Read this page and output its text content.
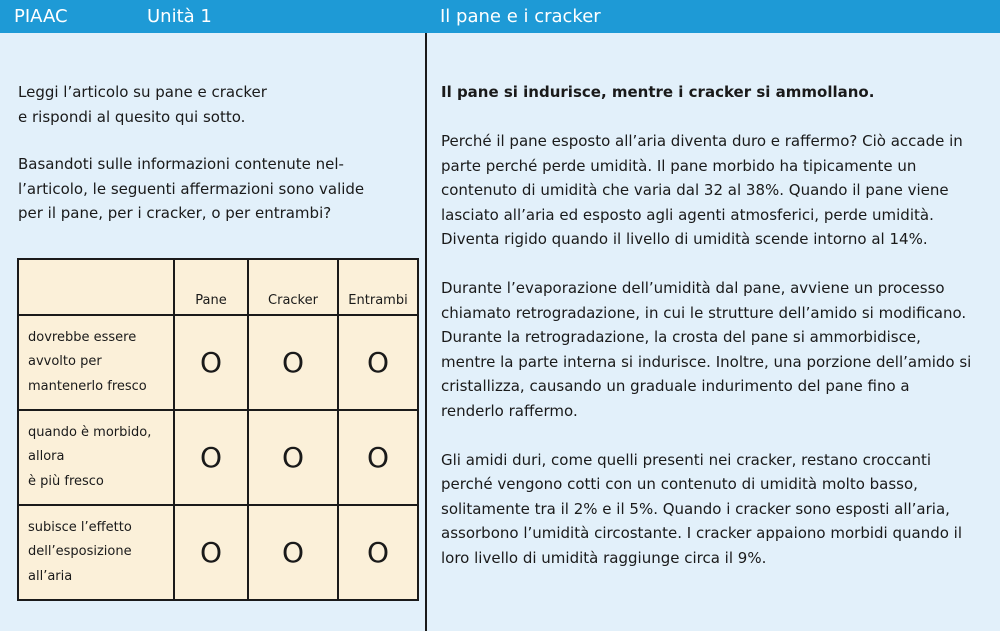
PIAAC	Unità 1	Il pane e i cracker
Leggi l’articolo su pane e cracker
e rispondi al quesito qui sotto.
Basandoti sulle informazioni contenute nel-
l’articolo, le seguenti affermazioni sono valide
per il pane, per i cracker, o per entrambi?
	Pane	Cracker	Entrambi

dovrebbe essere
avvolto per
mantenerlo fresco	O	O	O

quando è morbido,
allora
è più fresco	O	O	O

subisce l’effetto
dell’esposizione
all’aria	O	O	O
Il pane si indurisce, mentre i cracker si ammollano.

Perché il pane esposto all’aria diventa duro e raffermo? Ciò accade in parte perché perde umidità. Il pane morbido ha tipicamente un contenuto di umidità che varia dal 32 al 38%. Quando il pane viene lasciato all’aria ed esposto agli agenti atmosferici, perde umidità. Diventa rigido quando il livello di umidità scende intorno al 14%.

Durante l’evaporazione dell’umidità dal pane, avviene un processo chiamato retrogradazione, in cui le strutture dell’amido si modificano. Durante la retrogradazione, la crosta del pane si ammorbidisce, mentre la parte interna si indurisce. Inoltre, una porzione dell’amido si cristallizza, causando un graduale indurimento del pane fino a renderlo raffermo.

Gli amidi duri, come quelli presenti nei cracker, restano croccanti perché vengono cotti con un contenuto di umidità molto basso, solitamente tra il 2% e il 5%. Quando i cracker sono esposti all’aria, assorbono l’umidità circostante. I cracker appaiono morbidi quando il loro livello di umidità raggiunge circa il 9%.
